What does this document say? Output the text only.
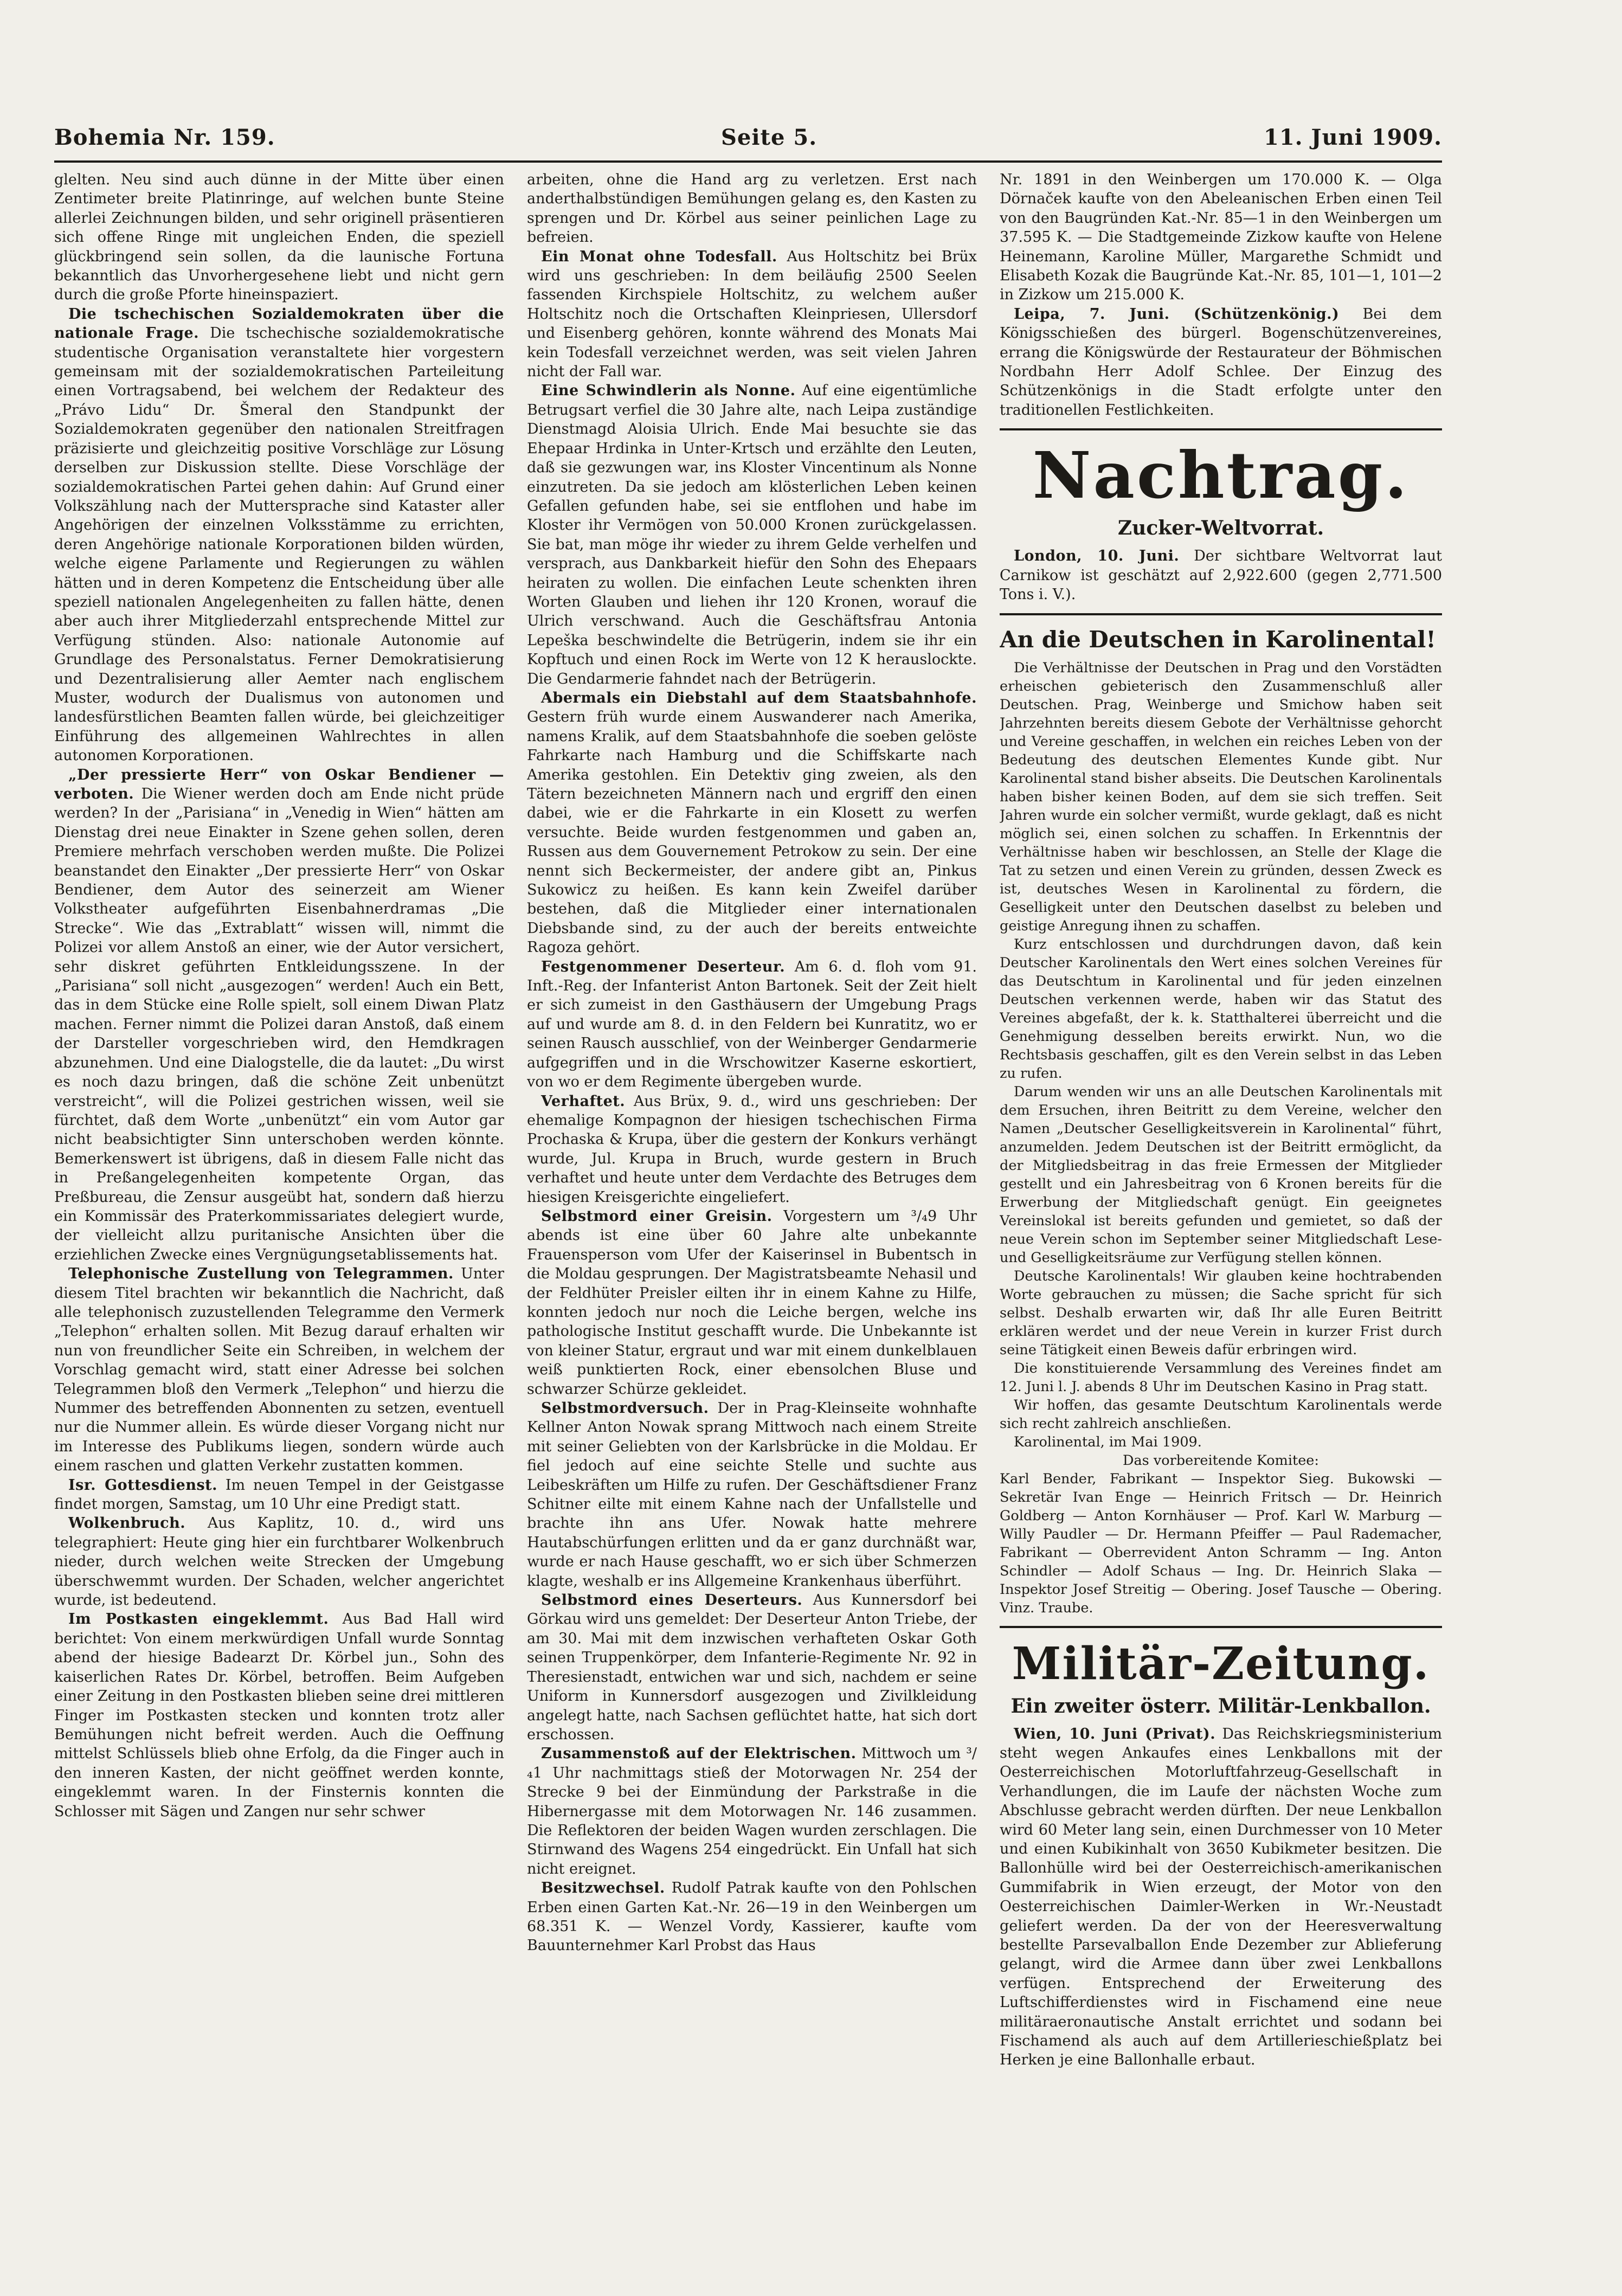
Bohemia Nr. 159.	Seite 5.	11. Juni 1909.

glelten. Neu sind auch dünne in der Mitte über einen Zentimeter breite Platinringe, auf welchen bunte Steine allerlei Zeichnungen bilden, und sehr originell präsentieren sich offene Ringe mit ungleichen Enden, die speziell glückbringend sein sollen, da die launische Fortuna bekanntlich das Unvorhergesehene liebt und nicht gern durch die große Pforte hineinspaziert.

Die tschechischen Sozialdemokraten über die nationale Frage. Die tschechische sozialdemokratische studentische Organisation veranstaltete hier vorgestern gemeinsam mit der sozialdemokratischen Parteileitung einen Vortragsabend, bei welchem der Redakteur des „Právo Lidu“ Dr. Šmeral den Standpunkt der Sozialdemokraten gegenüber den nationalen Streitfragen präzisierte und gleichzeitig positive Vorschläge zur Lösung derselben zur Diskussion stellte. Diese Vorschläge der sozialdemokratischen Partei gehen dahin: Auf Grund einer Volkszählung nach der Muttersprache sind Kataster aller Angehörigen der einzelnen Volksstämme zu errichten, deren Angehörige nationale Korporationen bilden würden, welche eigene Parlamente und Regierungen zu wählen hätten und in deren Kompetenz die Entscheidung über alle speziell nationalen Angelegenheiten zu fallen hätte, denen aber auch ihrer Mitgliederzahl entsprechende Mittel zur Verfügung stünden. Also: nationale Autonomie auf Grundlage des Personalstatus. Ferner Demokratisierung und Dezentralisierung aller Aemter nach englischem Muster, wodurch der Dualismus von autonomen und landesfürstlichen Beamten fallen würde, bei gleichzeitiger Einführung des allgemeinen Wahlrechtes in allen autonomen Korporationen.

„Der pressierte Herr“ von Oskar Bendiener — verboten. Die Wiener werden doch am Ende nicht prüde werden? In der „Parisiana“ in „Venedig in Wien“ hätten am Dienstag drei neue Einakter in Szene gehen sollen, deren Premiere mehrfach verschoben werden mußte. Die Polizei beanstandet den Einakter „Der pressierte Herr“ von Oskar Bendiener, dem Autor des seinerzeit am Wiener Volkstheater aufgeführten Eisenbahnerdramas „Die Strecke“. Wie das „Extrablatt“ wissen will, nimmt die Polizei vor allem Anstoß an einer, wie der Autor versichert, sehr diskret geführten Entkleidungsszene. In der „Parisiana“ soll nicht „ausgezogen“ werden! Auch ein Bett, das in dem Stücke eine Rolle spielt, soll einem Diwan Platz machen. Ferner nimmt die Polizei daran Anstoß, daß einem der Darsteller vorgeschrieben wird, den Hemdkragen abzunehmen. Und eine Dialogstelle, die da lautet: „Du wirst es noch dazu bringen, daß die schöne Zeit unbenützt verstreicht“, will die Polizei gestrichen wissen, weil sie fürchtet, daß dem Worte „unbenützt“ ein vom Autor gar nicht beabsichtigter Sinn unterschoben werden könnte. Bemerkenswert ist übrigens, daß in diesem Falle nicht das in Preßangelegenheiten kompetente Organ, das Preßbureau, die Zensur ausgeübt hat, sondern daß hierzu ein Kommissär des Praterkommissariates delegiert wurde, der vielleicht allzu puritanische Ansichten über die erziehlichen Zwecke eines Vergnügungsetablissements hat.

Telephonische Zustellung von Telegrammen. Unter diesem Titel brachten wir bekanntlich die Nachricht, daß alle telephonisch zuzustellenden Telegramme den Vermerk „Telephon“ erhalten sollen. Mit Bezug darauf erhalten wir nun von freundlicher Seite ein Schreiben, in welchem der Vorschlag gemacht wird, statt einer Adresse bei solchen Telegrammen bloß den Vermerk „Telephon“ und hierzu die Nummer des betreffenden Abonnenten zu setzen, eventuell nur die Nummer allein. Es würde dieser Vorgang nicht nur im Interesse des Publikums liegen, sondern würde auch einem raschen und glatten Verkehr zustatten kommen.

Isr. Gottesdienst. Im neuen Tempel in der Geistgasse findet morgen, Samstag, um 10 Uhr eine Predigt statt.

Wolkenbruch. Aus Kaplitz, 10. d., wird uns telegraphiert: Heute ging hier ein furchtbarer Wolkenbruch nieder, durch welchen weite Strecken der Umgebung überschwemmt wurden. Der Schaden, welcher angerichtet wurde, ist bedeutend.

Im Postkasten eingeklemmt. Aus Bad Hall wird berichtet: Von einem merkwürdigen Unfall wurde Sonntag abend der hiesige Badearzt Dr. Körbel jun., Sohn des kaiserlichen Rates Dr. Körbel, betroffen. Beim Aufgeben einer Zeitung in den Postkasten blieben seine drei mittleren Finger im Postkasten stecken und konnten trotz aller Bemühungen nicht befreit werden. Auch die Oeffnung mittelst Schlüssels blieb ohne Erfolg, da die Finger auch in den inneren Kasten, der nicht geöffnet werden konnte, eingeklemmt waren. In der Finsternis konnten die Schlosser mit Sägen und Zangen nur sehr schwer

arbeiten, ohne die Hand arg zu verletzen. Erst nach anderthalbstündigen Bemühungen gelang es, den Kasten zu sprengen und Dr. Körbel aus seiner peinlichen Lage zu befreien.

Ein Monat ohne Todesfall. Aus Holtschitz bei Brüx wird uns geschrieben: In dem beiläufig 2500 Seelen fassenden Kirchspiele Holtschitz, zu welchem außer Holtschitz noch die Ortschaften Kleinpriesen, Ullersdorf und Eisenberg gehören, konnte während des Monats Mai kein Todesfall verzeichnet werden, was seit vielen Jahren nicht der Fall war.

Eine Schwindlerin als Nonne. Auf eine eigentümliche Betrugsart verfiel die 30 Jahre alte, nach Leipa zuständige Dienstmagd Aloisia Ulrich. Ende Mai besuchte sie das Ehepaar Hrdinka in Unter-Krtsch und erzählte den Leuten, daß sie gezwungen war, ins Kloster Vincentinum als Nonne einzutreten. Da sie jedoch am klösterlichen Leben keinen Gefallen gefunden habe, sei sie entflohen und habe im Kloster ihr Vermögen von 50.000 Kronen zurückgelassen. Sie bat, man möge ihr wieder zu ihrem Gelde verhelfen und versprach, aus Dankbarkeit hiefür den Sohn des Ehepaars heiraten zu wollen. Die einfachen Leute schenkten ihren Worten Glauben und liehen ihr 120 Kronen, worauf die Ulrich verschwand. Auch die Geschäftsfrau Antonia Lepeška beschwindelte die Betrügerin, indem sie ihr ein Kopftuch und einen Rock im Werte von 12 K herauslockte. Die Gendarmerie fahndet nach der Betrügerin.

Abermals ein Diebstahl auf dem Staatsbahnhofe. Gestern früh wurde einem Auswanderer nach Amerika, namens Kralik, auf dem Staatsbahnhofe die soeben gelöste Fahrkarte nach Hamburg und die Schiffskarte nach Amerika gestohlen. Ein Detektiv ging zweien, als den Tätern bezeichneten Männern nach und ergriff den einen dabei, wie er die Fahrkarte in ein Klosett zu werfen versuchte. Beide wurden festgenommen und gaben an, Russen aus dem Gouvernement Petrokow zu sein. Der eine nennt sich Beckermeister, der andere gibt an, Pinkus Sukowicz zu heißen. Es kann kein Zweifel darüber bestehen, daß die Mitglieder einer internationalen Diebsbande sind, zu der auch der bereits entweichte Ragoza gehört.

Festgenommener Deserteur. Am 6. d. floh vom 91. Inft.-Reg. der Infanterist Anton Bartonek. Seit der Zeit hielt er sich zumeist in den Gasthäusern der Umgebung Prags auf und wurde am 8. d. in den Feldern bei Kunratitz, wo er seinen Rausch ausschlief, von der Weinberger Gendarmerie aufgegriffen und in die Wrschowitzer Kaserne eskortiert, von wo er dem Regimente übergeben wurde.

Verhaftet. Aus Brüx, 9. d., wird uns geschrieben: Der ehemalige Kompagnon der hiesigen tschechischen Firma Prochaska & Krupa, über die gestern der Konkurs verhängt wurde, Jul. Krupa in Bruch, wurde gestern in Bruch verhaftet und heute unter dem Verdachte des Betruges dem hiesigen Kreisgerichte eingeliefert.

Selbstmord einer Greisin. Vorgestern um ³/₄9 Uhr abends ist eine über 60 Jahre alte unbekannte Frauensperson vom Ufer der Kaiserinsel in Bubentsch in die Moldau gesprungen. Der Magistratsbeamte Nehasil und der Feldhüter Preisler eilten ihr in einem Kahne zu Hilfe, konnten jedoch nur noch die Leiche bergen, welche ins pathologische Institut geschafft wurde. Die Unbekannte ist von kleiner Statur, ergraut und war mit einem dunkelblauen weiß punktierten Rock, einer ebensolchen Bluse und schwarzer Schürze gekleidet.

Selbstmordversuch. Der in Prag-Kleinseite wohnhafte Kellner Anton Nowak sprang Mittwoch nach einem Streite mit seiner Geliebten von der Karlsbrücke in die Moldau. Er fiel jedoch auf eine seichte Stelle und suchte aus Leibeskräften um Hilfe zu rufen. Der Geschäftsdiener Franz Schitner eilte mit einem Kahne nach der Unfallstelle und brachte ihn ans Ufer. Nowak hatte mehrere Hautabschürfungen erlitten und da er ganz durchnäßt war, wurde er nach Hause geschafft, wo er sich über Schmerzen klagte, weshalb er ins Allgemeine Krankenhaus überführt.

Selbstmord eines Deserteurs. Aus Kunnersdorf bei Görkau wird uns gemeldet: Der Deserteur Anton Triebe, der am 30. Mai mit dem inzwischen verhafteten Oskar Goth seinen Truppenkörper, dem Infanterie-Regimente Nr. 92 in Theresienstadt, entwichen war und sich, nachdem er seine Uniform in Kunnersdorf ausgezogen und Zivilkleidung angelegt hatte, nach Sachsen geflüchtet hatte, hat sich dort erschossen.

Zusammenstoß auf der Elektrischen. Mittwoch um ³/₄1 Uhr nachmittags stieß der Motorwagen Nr. 254 der Strecke 9 bei der Einmündung der Parkstraße in die Hibernergasse mit dem Motorwagen Nr. 146 zusammen. Die Reflektoren der beiden Wagen wurden zerschlagen. Die Stirnwand des Wagens 254 eingedrückt. Ein Unfall hat sich nicht ereignet.

Besitzwechsel. Rudolf Patrak kaufte von den Pohlschen Erben einen Garten Kat.-Nr. 26—19 in den Weinbergen um 68.351 K. — Wenzel Vordy, Kassierer, kaufte vom Bauunternehmer Karl Probst das Haus

Nr. 1891 in den Weinbergen um 170.000 K. — Olga Dörnaček kaufte von den Abeleanischen Erben einen Teil von den Baugründen Kat.-Nr. 85—1 in den Weinbergen um 37.595 K. — Die Stadtgemeinde Zizkow kaufte von Helene Heinemann, Karoline Müller, Margarethe Schmidt und Elisabeth Kozak die Baugründe Kat.-Nr. 85, 101—1, 101—2 in Zizkow um 215.000 K.

Leipa, 7. Juni. (Schützenkönig.) Bei dem Königsschießen des bürgerl. Bogenschützenvereines, errang die Königswürde der Restaurateur der Böhmischen Nordbahn Herr Adolf Schlee. Der Einzug des Schützenkönigs in die Stadt erfolgte unter den traditionellen Festlichkeiten.

Nachtrag.
Zucker-Weltvorrat.

London, 10. Juni. Der sichtbare Weltvorrat laut Carnikow ist geschätzt auf 2,922.600 (gegen 2,771.500 Tons i. V.).

An die Deutschen in Karolinental!

Die Verhältnisse der Deutschen in Prag und den Vorstädten erheischen gebieterisch den Zusammenschluß aller Deutschen. Prag, Weinberge und Smichow haben seit Jahrzehnten bereits diesem Gebote der Verhältnisse gehorcht und Vereine geschaffen, in welchen ein reiches Leben von der Bedeutung des deutschen Elementes Kunde gibt. Nur Karolinental stand bisher abseits. Die Deutschen Karolinentals haben bisher keinen Boden, auf dem sie sich treffen. Seit Jahren wurde ein solcher vermißt, wurde geklagt, daß es nicht möglich sei, einen solchen zu schaffen. In Erkenntnis der Verhältnisse haben wir beschlossen, an Stelle der Klage die Tat zu setzen und einen Verein zu gründen, dessen Zweck es ist, deutsches Wesen in Karolinental zu fördern, die Geselligkeit unter den Deutschen daselbst zu beleben und geistige Anregung ihnen zu schaffen.

Kurz entschlossen und durchdrungen davon, daß kein Deutscher Karolinentals den Wert eines solchen Vereines für das Deutschtum in Karolinental und für jeden einzelnen Deutschen verkennen werde, haben wir das Statut des Vereines abgefaßt, der k. k. Statthalterei überreicht und die Genehmigung desselben bereits erwirkt. Nun, wo die Rechtsbasis geschaffen, gilt es den Verein selbst in das Leben zu rufen.

Darum wenden wir uns an alle Deutschen Karolinentals mit dem Ersuchen, ihren Beitritt zu dem Vereine, welcher den Namen „Deutscher Geselligkeitsverein in Karolinental“ führt, anzumelden. Jedem Deutschen ist der Beitritt ermöglicht, da der Mitgliedsbeitrag in das freie Ermessen der Mitglieder gestellt und ein Jahresbeitrag von 6 Kronen bereits für die Erwerbung der Mitgliedschaft genügt. Ein geeignetes Vereinslokal ist bereits gefunden und gemietet, so daß der neue Verein schon im September seiner Mitgliedschaft Lese- und Geselligkeitsräume zur Verfügung stellen können.

Deutsche Karolinentals! Wir glauben keine hochtrabenden Worte gebrauchen zu müssen; die Sache spricht für sich selbst. Deshalb erwarten wir, daß Ihr alle Euren Beitritt erklären werdet und der neue Verein in kurzer Frist durch seine Tätigkeit einen Beweis dafür erbringen wird.

Die konstituierende Versammlung des Vereines findet am 12. Juni l. J. abends 8 Uhr im Deutschen Kasino in Prag statt.

Wir hoffen, das gesamte Deutschtum Karolinentals werde sich recht zahlreich anschließen.

Karolinental, im Mai 1909.

Das vorbereitende Komitee:

Karl Bender, Fabrikant — Inspektor Sieg. Bukowski — Sekretär Ivan Enge — Heinrich Fritsch — Dr. Heinrich Goldberg — Anton Kornhäuser — Prof. Karl W. Marburg — Willy Paudler — Dr. Hermann Pfeiffer — Paul Rademacher, Fabrikant — Oberrevident Anton Schramm — Ing. Anton Schindler — Adolf Schaus — Ing. Dr. Heinrich Slaka — Inspektor Josef Streitig — Obering. Josef Tausche — Obering. Vinz. Traube.

Militär-Zeitung.
Ein zweiter österr. Militär-Lenkballon.

Wien, 10. Juni (Privat). Das Reichskriegsministerium steht wegen Ankaufes eines Lenkballons mit der Oesterreichischen Motorluftfahrzeug-Gesellschaft in Verhandlungen, die im Laufe der nächsten Woche zum Abschlusse gebracht werden dürften. Der neue Lenkballon wird 60 Meter lang sein, einen Durchmesser von 10 Meter und einen Kubikinhalt von 3650 Kubikmeter besitzen. Die Ballonhülle wird bei der Oesterreichisch-amerikanischen Gummifabrik in Wien erzeugt, der Motor von den Oesterreichischen Daimler-Werken in Wr.-Neustadt geliefert werden. Da der von der Heeresverwaltung bestellte Parsevalballon Ende Dezember zur Ablieferung gelangt, wird die Armee dann über zwei Lenkballons verfügen. Entsprechend der Erweiterung des Luftschifferdienstes wird in Fischamend eine neue militäraeronautische Anstalt errichtet und sodann bei Fischamend als auch auf dem Artillerieschießplatz bei Herken je eine Ballonhalle erbaut.
